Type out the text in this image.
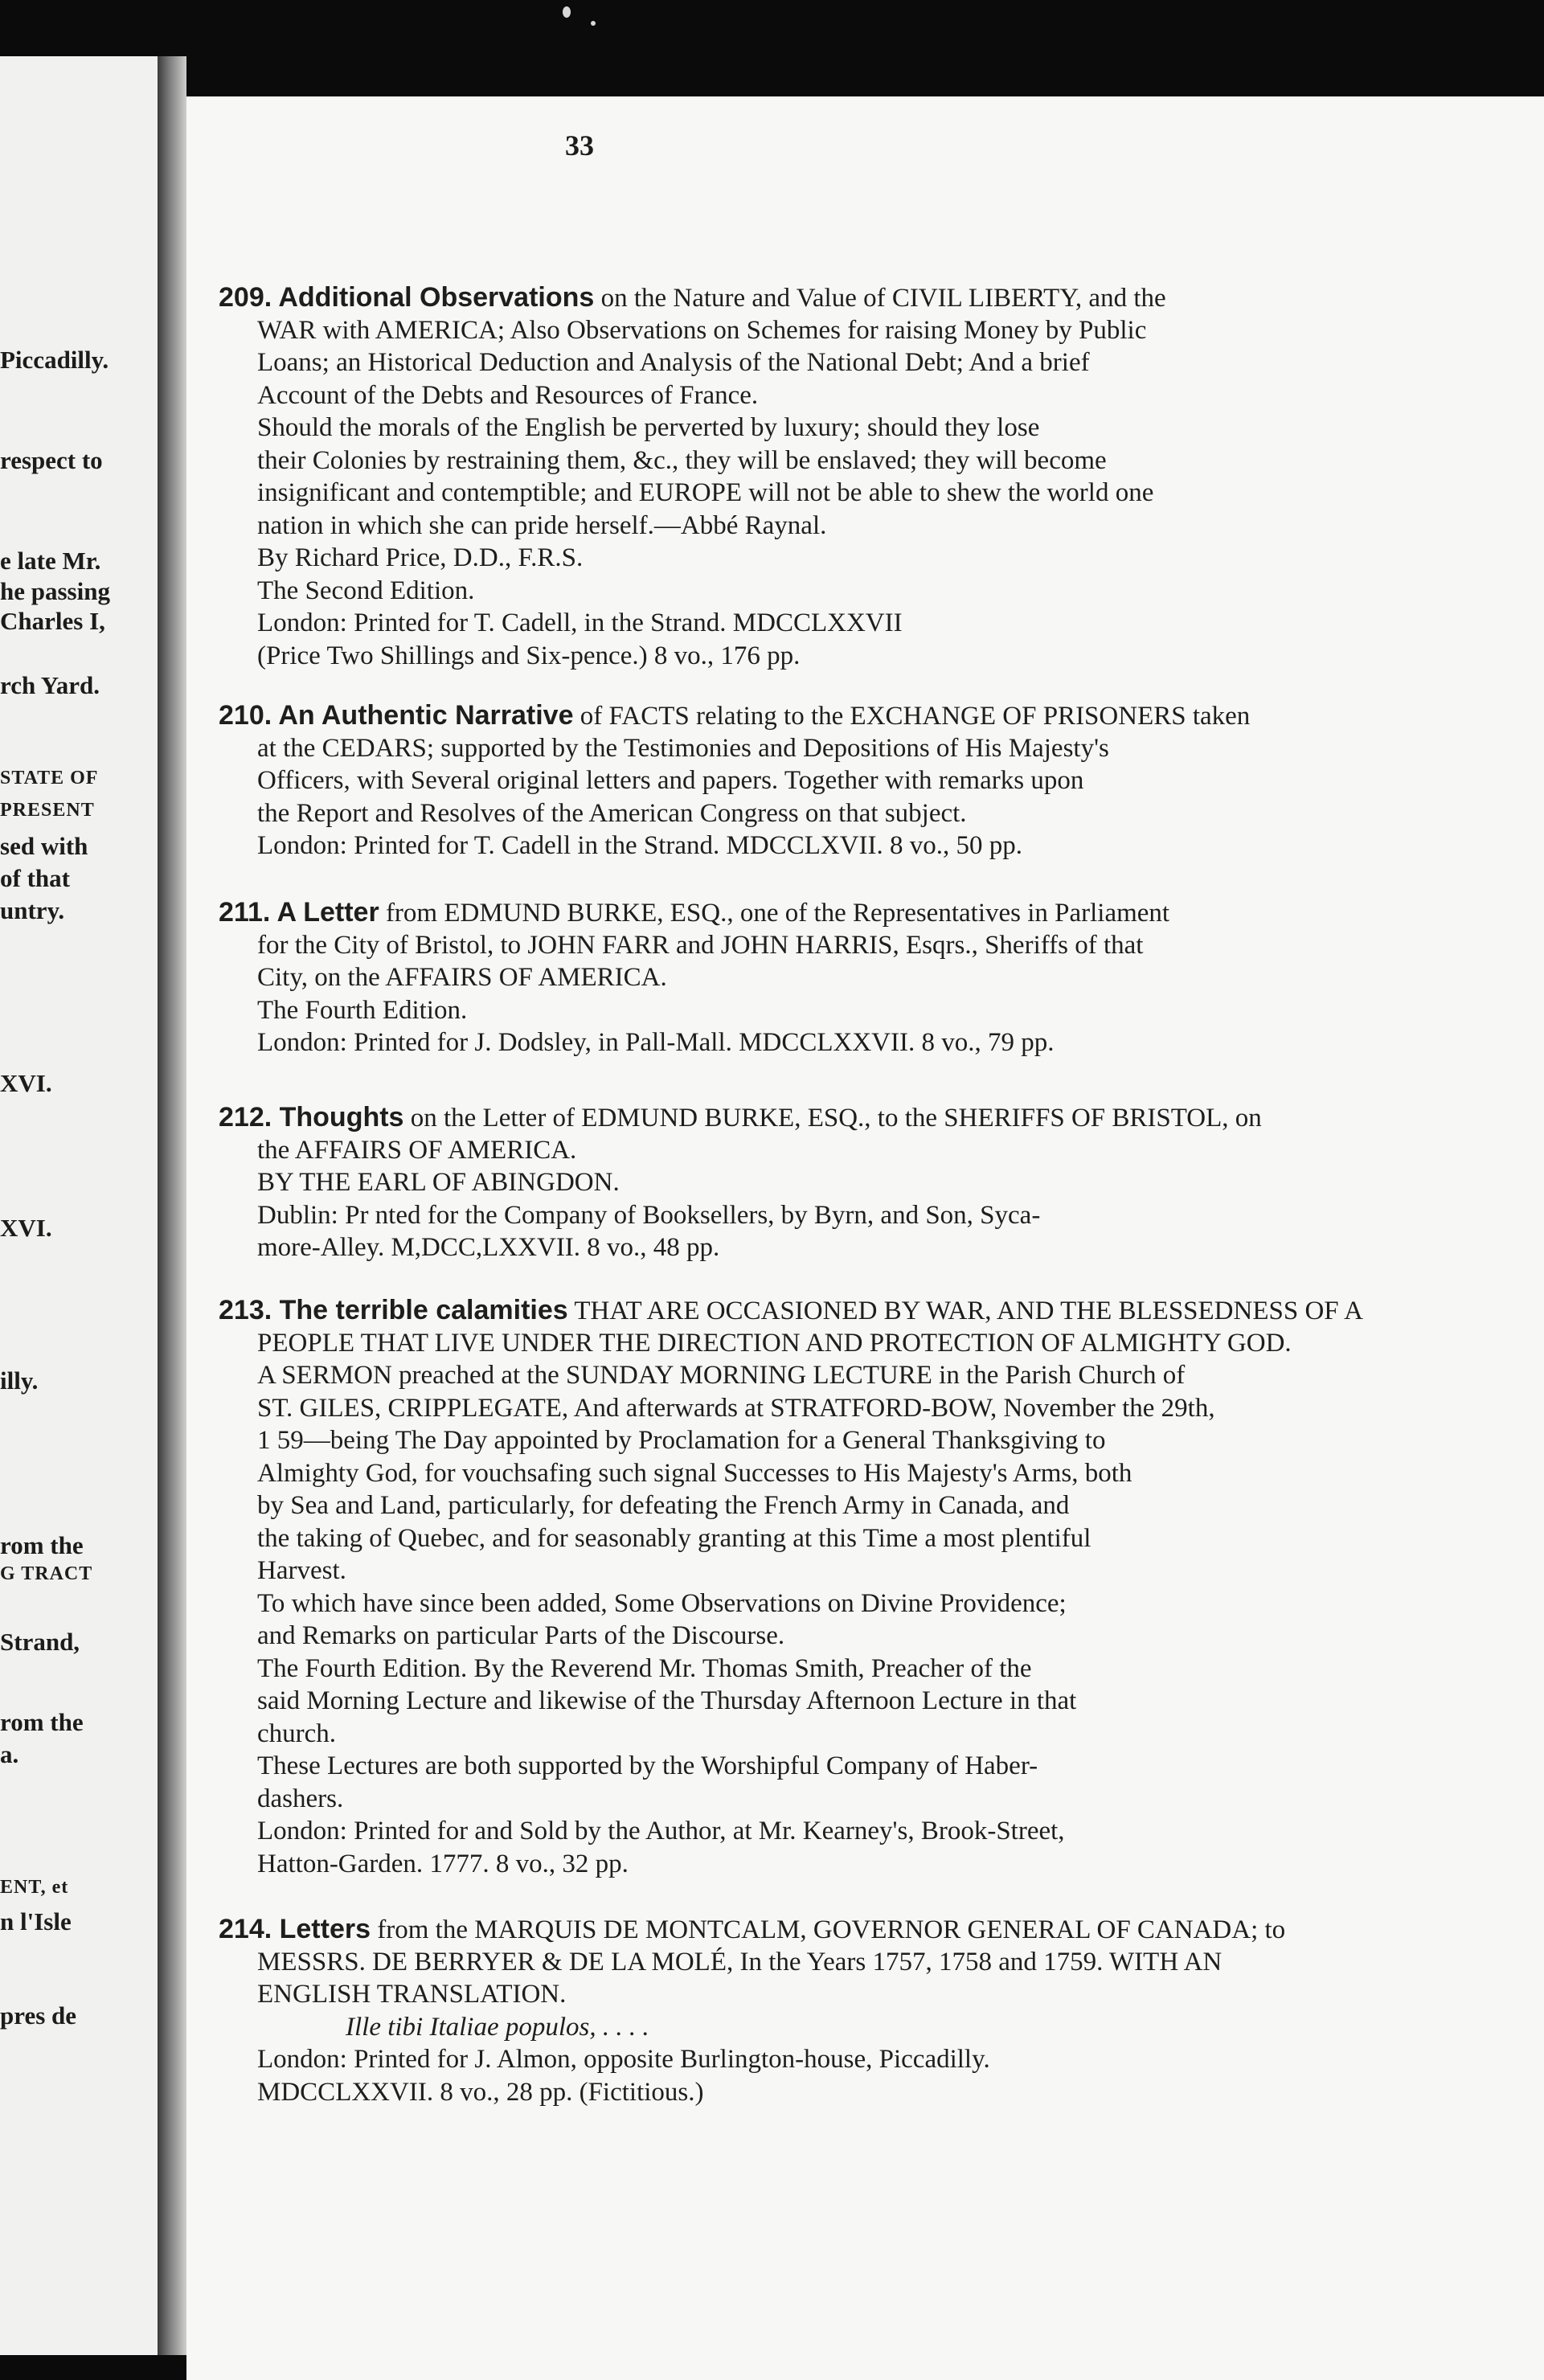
Piccadilly.
respect to
e late Mr.
he passing
Charles I,
rch Yard.
STATE OF
PRESENT
sed with
of that
untry.
XVI.
XVI.
illy.
rom the
G TRACT
Strand,
rom the
a.
ENT, et
n l'Isle
pres de
33
209. Additional Observations on the Nature and Value of CIVIL LIBERTY, and the
WAR with AMERICA; Also Observations on Schemes for raising Money by Public
Loans; an Historical Deduction and Analysis of the National Debt; And a brief
Account of the Debts and Resources of France.
Should the morals of the English be perverted by luxury; should they lose
their Colonies by restraining them, &c., they will be enslaved; they will become
insignificant and contemptible; and EUROPE will not be able to shew the world one
nation in which she can pride herself.—Abbé Raynal.
By Richard Price, D.D., F.R.S.
The Second Edition.
London: Printed for T. Cadell, in the Strand. MDCCLXXVII
(Price Two Shillings and Six-pence.) 8 vo., 176 pp.
210. An Authentic Narrative of FACTS relating to the EXCHANGE OF PRISONERS taken
at the CEDARS; supported by the Testimonies and Depositions of His Majesty's
Officers, with Several original letters and papers. Together with remarks upon
the Report and Resolves of the American Congress on that subject.
London: Printed for T. Cadell in the Strand. MDCCLXVII. 8 vo., 50 pp.
211. A Letter from EDMUND BURKE, ESQ., one of the Representatives in Parliament
for the City of Bristol, to JOHN FARR and JOHN HARRIS, Esqrs., Sheriffs of that
City, on the AFFAIRS OF AMERICA.
The Fourth Edition.
London: Printed for J. Dodsley, in Pall-Mall. MDCCLXXVII. 8 vo., 79 pp.
212. Thoughts on the Letter of EDMUND BURKE, ESQ., to the SHERIFFS OF BRISTOL, on
the AFFAIRS OF AMERICA.
BY THE EARL OF ABINGDON.
Dublin: Pr nted for the Company of Booksellers, by Byrn, and Son, Syca-
more-Alley. M,DCC,LXXVII. 8 vo., 48 pp.
213. The terrible calamities THAT ARE OCCASIONED BY WAR, AND THE BLESSEDNESS OF A
PEOPLE THAT LIVE UNDER THE DIRECTION AND PROTECTION OF ALMIGHTY GOD.
A SERMON preached at the SUNDAY MORNING LECTURE in the Parish Church of
ST. GILES, CRIPPLEGATE, And afterwards at STRATFORD-BOW, November the 29th,
1 59—being The Day appointed by Proclamation for a General Thanksgiving to
Almighty God, for vouchsafing such signal Successes to His Majesty's Arms, both
by Sea and Land, particularly, for defeating the French Army in Canada, and
the taking of Quebec, and for seasonably granting at this Time a most plentiful
Harvest.
To which have since been added, Some Observations on Divine Providence;
and Remarks on particular Parts of the Discourse.
The Fourth Edition. By the Reverend Mr. Thomas Smith, Preacher of the
said Morning Lecture and likewise of the Thursday Afternoon Lecture in that
church.
These Lectures are both supported by the Worshipful Company of Haber-
dashers.
London: Printed for and Sold by the Author, at Mr. Kearney's, Brook-Street,
Hatton-Garden. 1777. 8 vo., 32 pp.
214. Letters from the MARQUIS DE MONTCALM, GOVERNOR GENERAL OF CANADA; to
MESSRS. DE BERRYER & DE LA MOLÉ, In the Years 1757, 1758 and 1759. WITH AN
ENGLISH TRANSLATION.
Ille tibi Italiae populos, . . . .
London: Printed for J. Almon, opposite Burlington-house, Piccadilly.
MDCCLXXVII. 8 vo., 28 pp. (Fictitious.)
